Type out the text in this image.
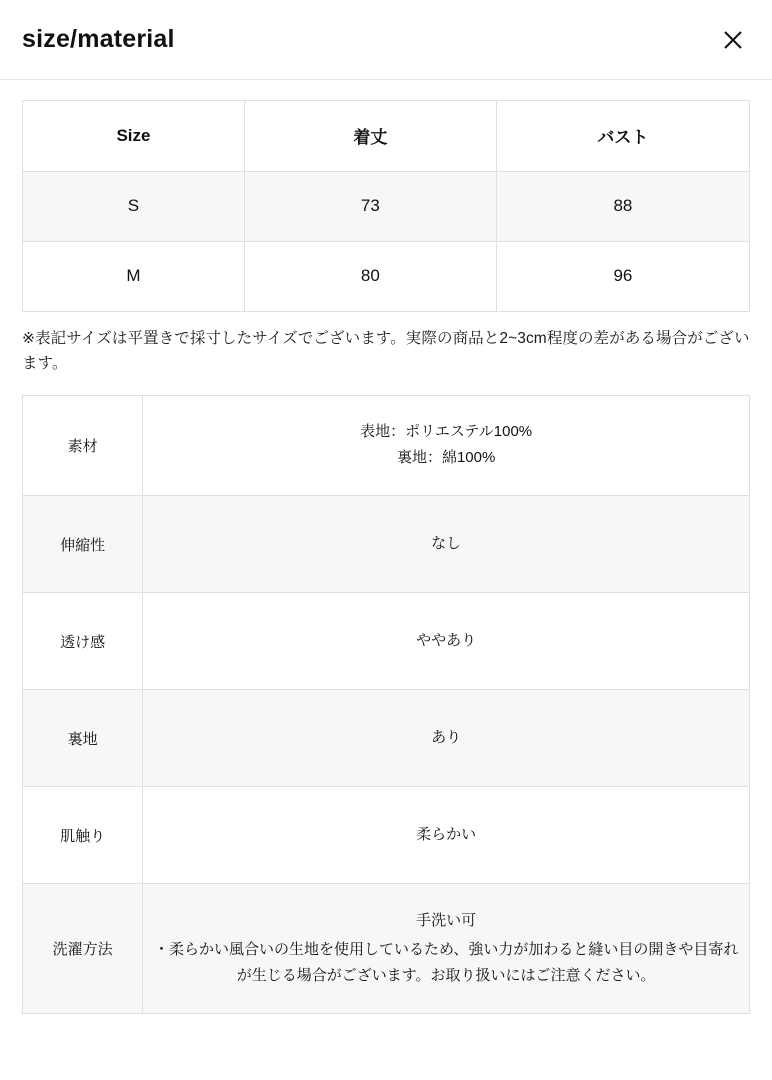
size/material
Size	着丈	バスト
S	73	88
M	80	96
※表記サイズは平置きで採寸したサイズでございます。実際の商品と2~3cm程度の差がある場合がございます。
素材	表地：ポリエステル100%
裏地：綿100%

伸縮性	なし
透け感	ややあり
裏地	あり
肌触り	柔らかい
洗濯方法	手洗い可
・柔らかい風合いの生地を使用しているため、強い力が加わると縫い目の開きや目寄れが生じる場合がございます。お取り扱いにはご注意ください。
